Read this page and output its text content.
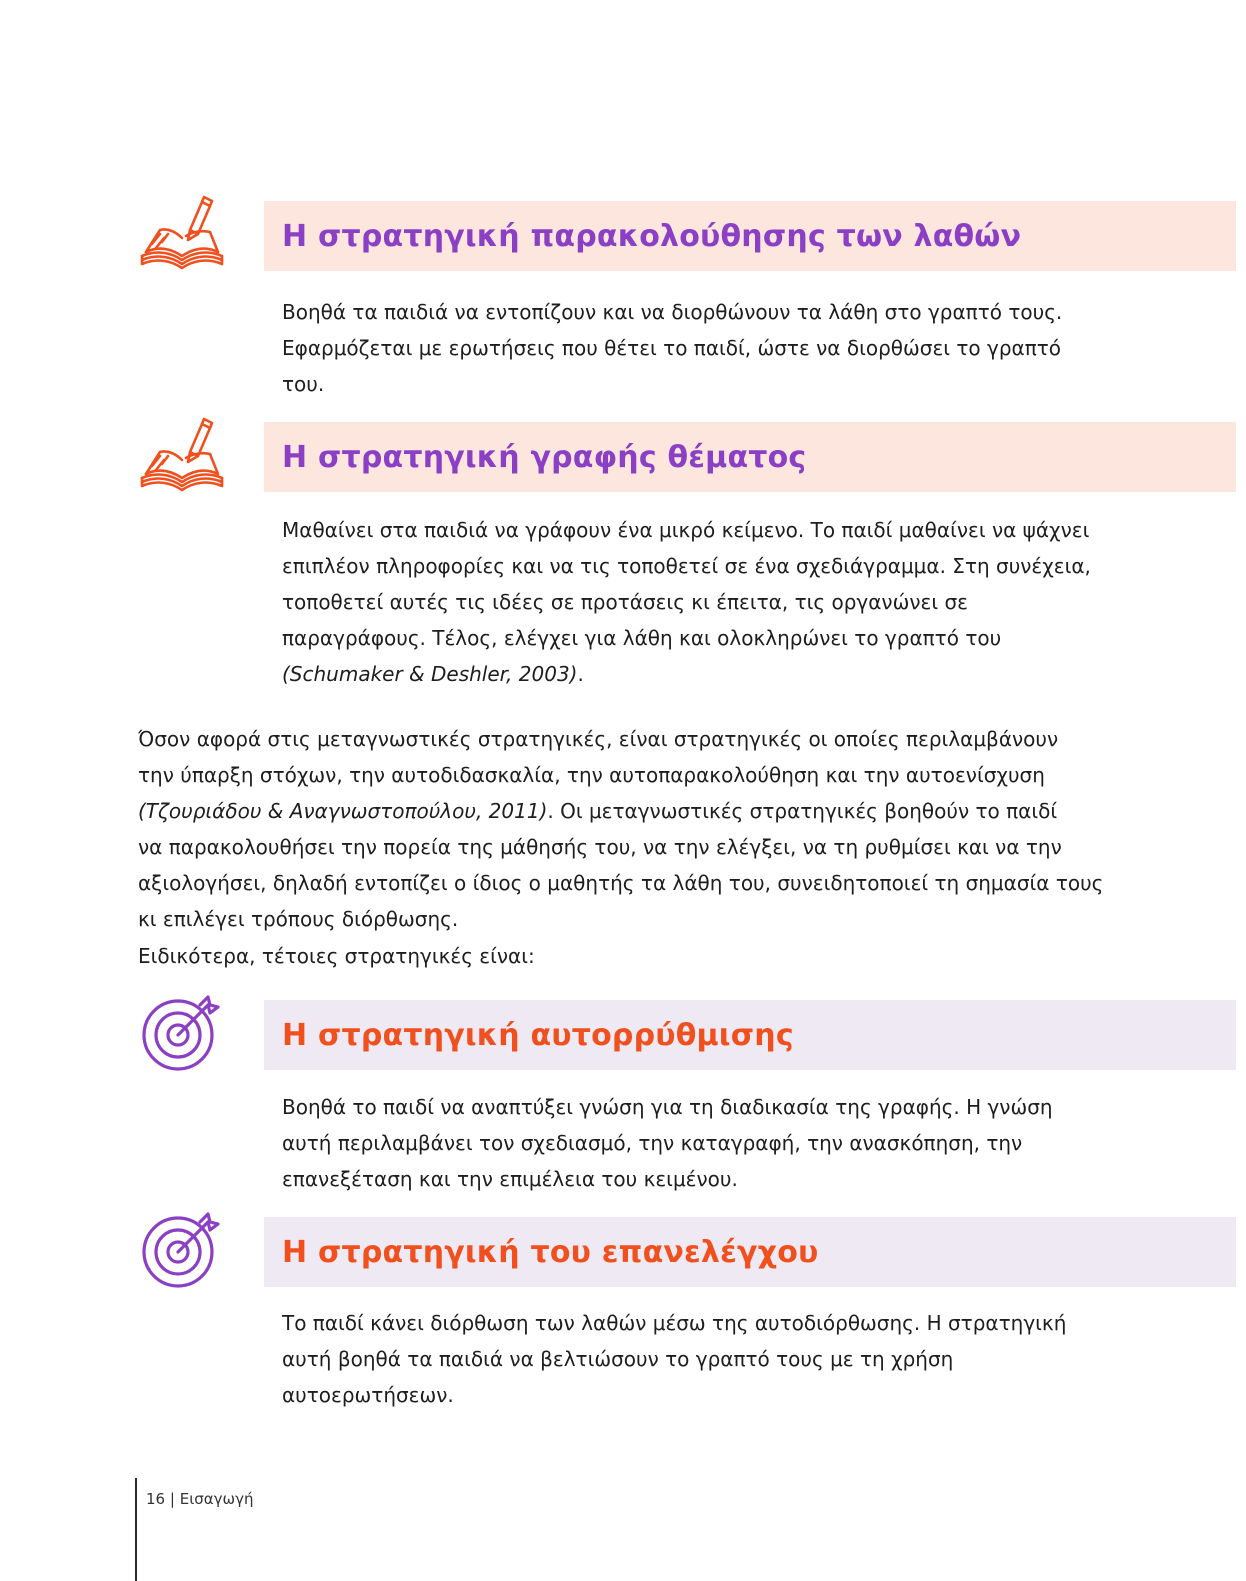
Η στρατηγική παρακολούθησης των λαθών

Βοηθά τα παιδιά να εντοπίζουν και να διορθώνουν τα λάθη στο γραπτό τους.
Εφαρμόζεται με ερωτήσεις που θέτει το παιδί, ώστε να διορθώσει το γραπτό
του.

Η στρατηγική γραφής θέματος

Μαθαίνει στα παιδιά να γράφουν ένα μικρό κείμενο. Το παιδί μαθαίνει να ψάχνει
επιπλέον πληροφορίες και να τις τοποθετεί σε ένα σχεδιάγραμμα. Στη συνέχεια,
τοποθετεί αυτές τις ιδέες σε προτάσεις κι έπειτα, τις οργανώνει σε
παραγράφους. Τέλος, ελέγχει για λάθη και ολοκληρώνει το γραπτό του
(Schumaker & Deshler, 2003).

Όσον αφορά στις μεταγνωστικές στρατηγικές, είναι στρατηγικές οι οποίες περιλαμβάνουν
την ύπαρξη στόχων, την αυτοδιδασκαλία, την αυτοπαρακολούθηση και την αυτοενίσχυση
(Τζουριάδου & Αναγνωστοπούλου, 2011). Οι μεταγνωστικές στρατηγικές βοηθούν το παιδί
να παρακολουθήσει την πορεία της μάθησής του, να την ελέγξει, να τη ρυθμίσει και να την
αξιολογήσει, δηλαδή εντοπίζει ο ίδιος ο μαθητής τα λάθη του, συνειδητοποιεί τη σημασία τους
κι επιλέγει τρόπους διόρθωσης.

Ειδικότερα, τέτοιες στρατηγικές είναι:

Η στρατηγική αυτορρύθμισης

Βοηθά το παιδί να αναπτύξει γνώση για τη διαδικασία της γραφής. Η γνώση
αυτή περιλαμβάνει τον σχεδιασμό, την καταγραφή, την ανασκόπηση, την
επανεξέταση και την επιμέλεια του κειμένου.

Η στρατηγική του επανελέγχου

Το παιδί κάνει διόρθωση των λαθών μέσω της αυτοδιόρθωσης. Η στρατηγική
αυτή βοηθά τα παιδιά να βελτιώσουν το γραπτό τους με τη χρήση
αυτοερωτήσεων.

16 | Εισαγωγή
